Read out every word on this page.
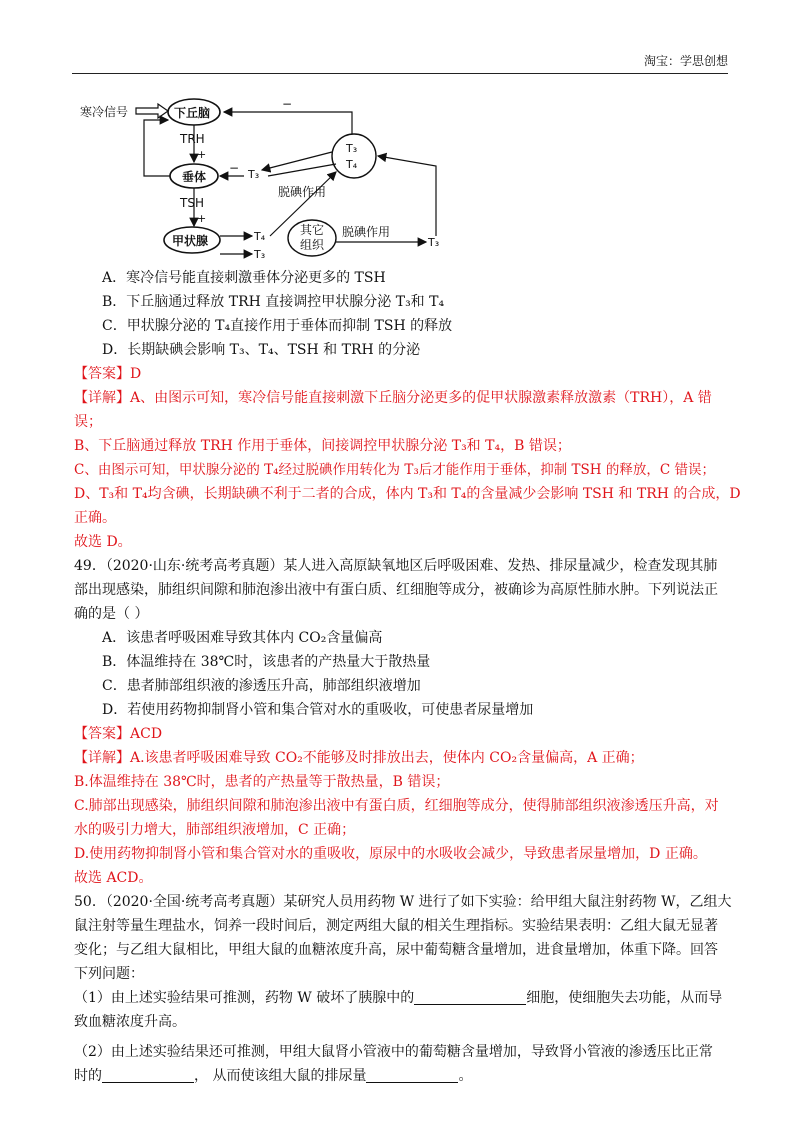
淘宝：学思创想
寒冷信号	下丘脑
TRH
+
垂体
TSH
+
甲状腺	T₄
T₃
T₃
T₄
−
T₃
−
脱碘作用
其它
组织
脱碘作用
T₃
A．寒冷信号能直接刺激垂体分泌更多的 TSH
B．下丘脑通过释放 TRH 直接调控甲状腺分泌 T₃和 T₄
C．甲状腺分泌的 T₄直接作用于垂体而抑制 TSH 的释放
D．长期缺碘会影响 T₃、T₄、TSH 和 TRH 的分泌
【答案】D
【详解】A、由图示可知，寒冷信号能直接刺激下丘脑分泌更多的促甲状腺激素释放激素（TRH），A 错
误；
B、下丘脑通过释放 TRH 作用于垂体，间接调控甲状腺分泌 T₃和 T₄，B 错误；
C、由图示可知，甲状腺分泌的 T₄经过脱碘作用转化为 T₃后才能作用于垂体，抑制 TSH 的释放，C 错误；
D、T₃和 T₄均含碘，长期缺碘不利于二者的合成，体内 T₃和 T₄的含量减少会影响 TSH 和 TRH 的合成，D
正确。
故选 D。
49．（2020·山东·统考高考真题）某人进入高原缺氧地区后呼吸困难、发热、排尿量减少，检查发现其肺
部出现感染，肺组织间隙和肺泡渗出液中有蛋白质、红细胞等成分，被确诊为高原性肺水肿。下列说法正
确的是（ ）
A．该患者呼吸困难导致其体内 CO₂含量偏高
B．体温维持在 38℃时，该患者的产热量大于散热量
C．患者肺部组织液的渗透压升高，肺部组织液增加
D．若使用药物抑制肾小管和集合管对水的重吸收，可使患者尿量增加
【答案】ACD
【详解】A.该患者呼吸困难导致 CO₂不能够及时排放出去，使体内 CO₂含量偏高，A 正确；
B.体温维持在 38℃时，患者的产热量等于散热量，B 错误；
C.肺部出现感染，肺组织间隙和肺泡渗出液中有蛋白质，红细胞等成分，使得肺部组织液渗透压升高，对
水的吸引力增大，肺部组织液增加，C 正确；
D.使用药物抑制肾小管和集合管对水的重吸收，原尿中的水吸收会减少，导致患者尿量增加，D 正确。
故选 ACD。
50．（2020·全国·统考高考真题）某研究人员用药物 W 进行了如下实验：给甲组大鼠注射药物 W，乙组大
鼠注射等量生理盐水，饲养一段时间后，测定两组大鼠的相关生理指标。实验结果表明：乙组大鼠无显著
变化；与乙组大鼠相比，甲组大鼠的血糖浓度升高，尿中葡萄糖含量增加，进食量增加，体重下降。回答
下列问题：
（1）由上述实验结果可推测，药物 W 破坏了胰腺中的	细胞，使细胞失去功能，从而导
致血糖浓度升高。
（2）由上述实验结果还可推测，甲组大鼠肾小管液中的葡萄糖含量增加，导致肾小管液的渗透压比正常
时的	， 从而使该组大鼠的排尿量	。
